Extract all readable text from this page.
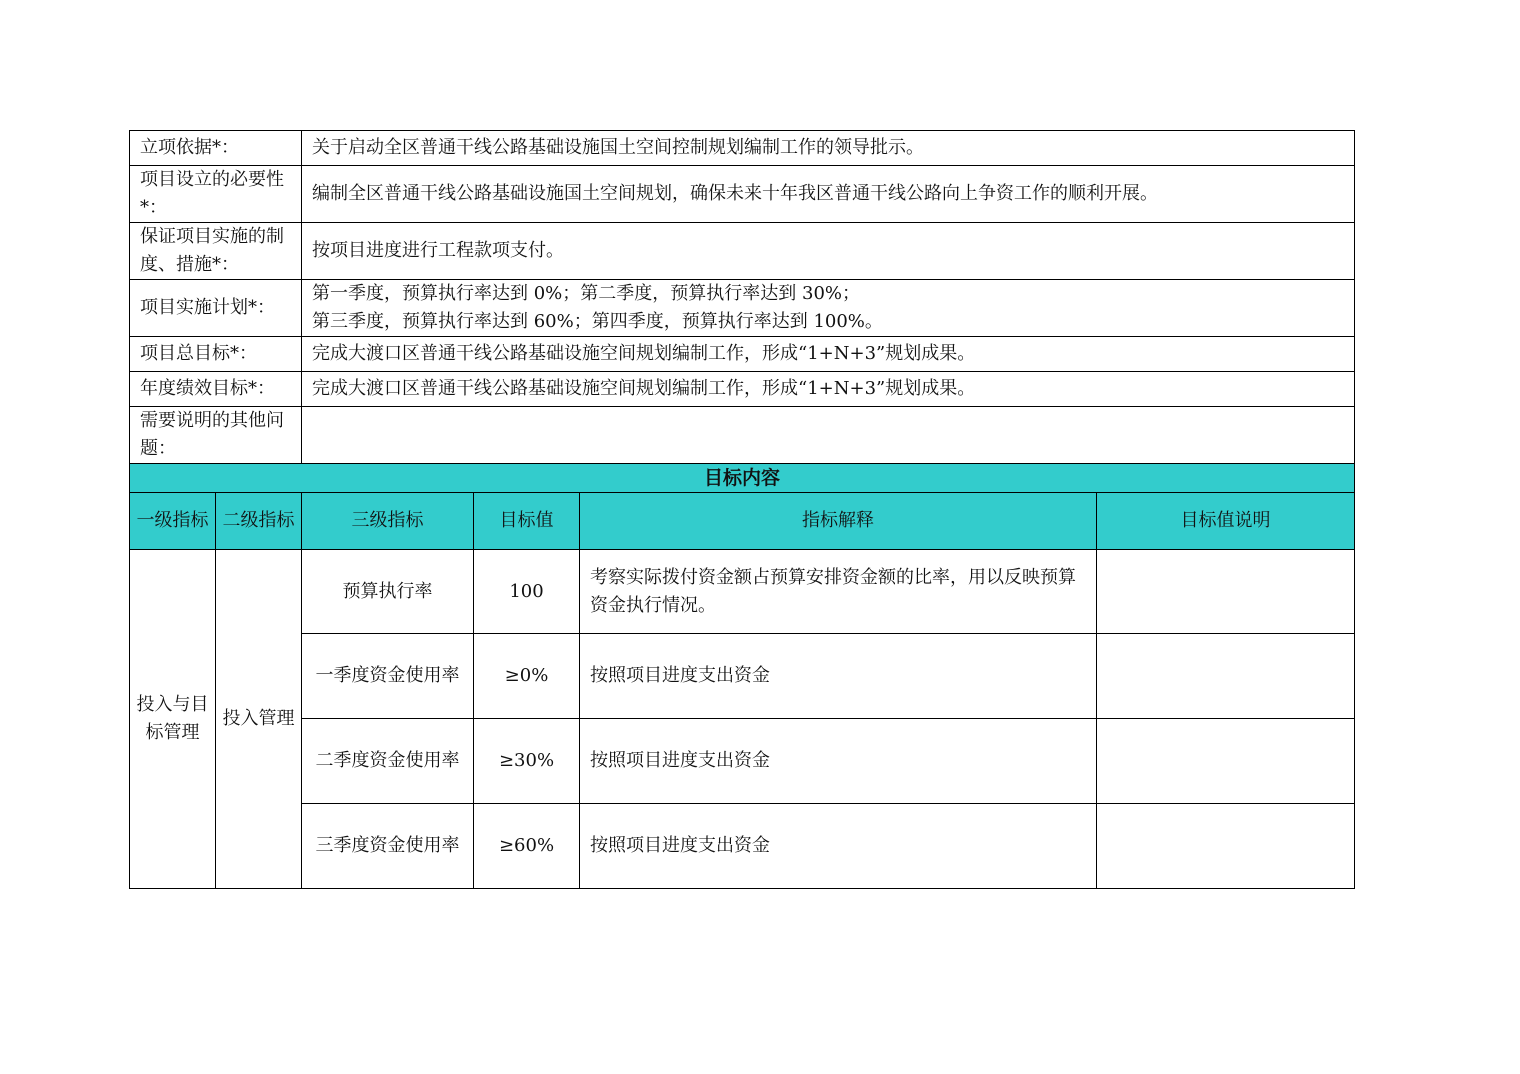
立项依据*：		关于启动全区普通干线公路基础设施国土空间控制规划编制工作的领导批示。			
项目设立的必要性*：		编制全区普通干线公路基础设施国土空间规划，确保未来十年我区普通干线公路向上争资工作的顺利开展。			
保证项目实施的制度、措施*：		按项目进度进行工程款项支付。			
项目实施计划*：		第一季度，预算执行率达到 0%；第二季度，预算执行率达到 30%；
第三季度，预算执行率达到 60%；第四季度，预算执行率达到 100%。			

项目总目标*：		完成大渡口区普通干线公路基础设施空间规划编制工作，形成“1+N+3”规划成果。			
年度绩效目标*：		完成大渡口区普通干线公路基础设施空间规划编制工作，形成“1+N+3”规划成果。			
需要说明的其他问题：					
目标内容					
一级指标	二级指标	三级指标	目标值	指标解释	目标值说明
投入与目标管理	投入管理	预算执行率	100	考察实际拨付资金额占预算安排资金额的比率，用以反映预算资金执行情况。	
		一季度资金使用率	≥0%	按照项目进度支出资金	
		二季度资金使用率	≥30%	按照项目进度支出资金	
		三季度资金使用率	≥60%	按照项目进度支出资金	
